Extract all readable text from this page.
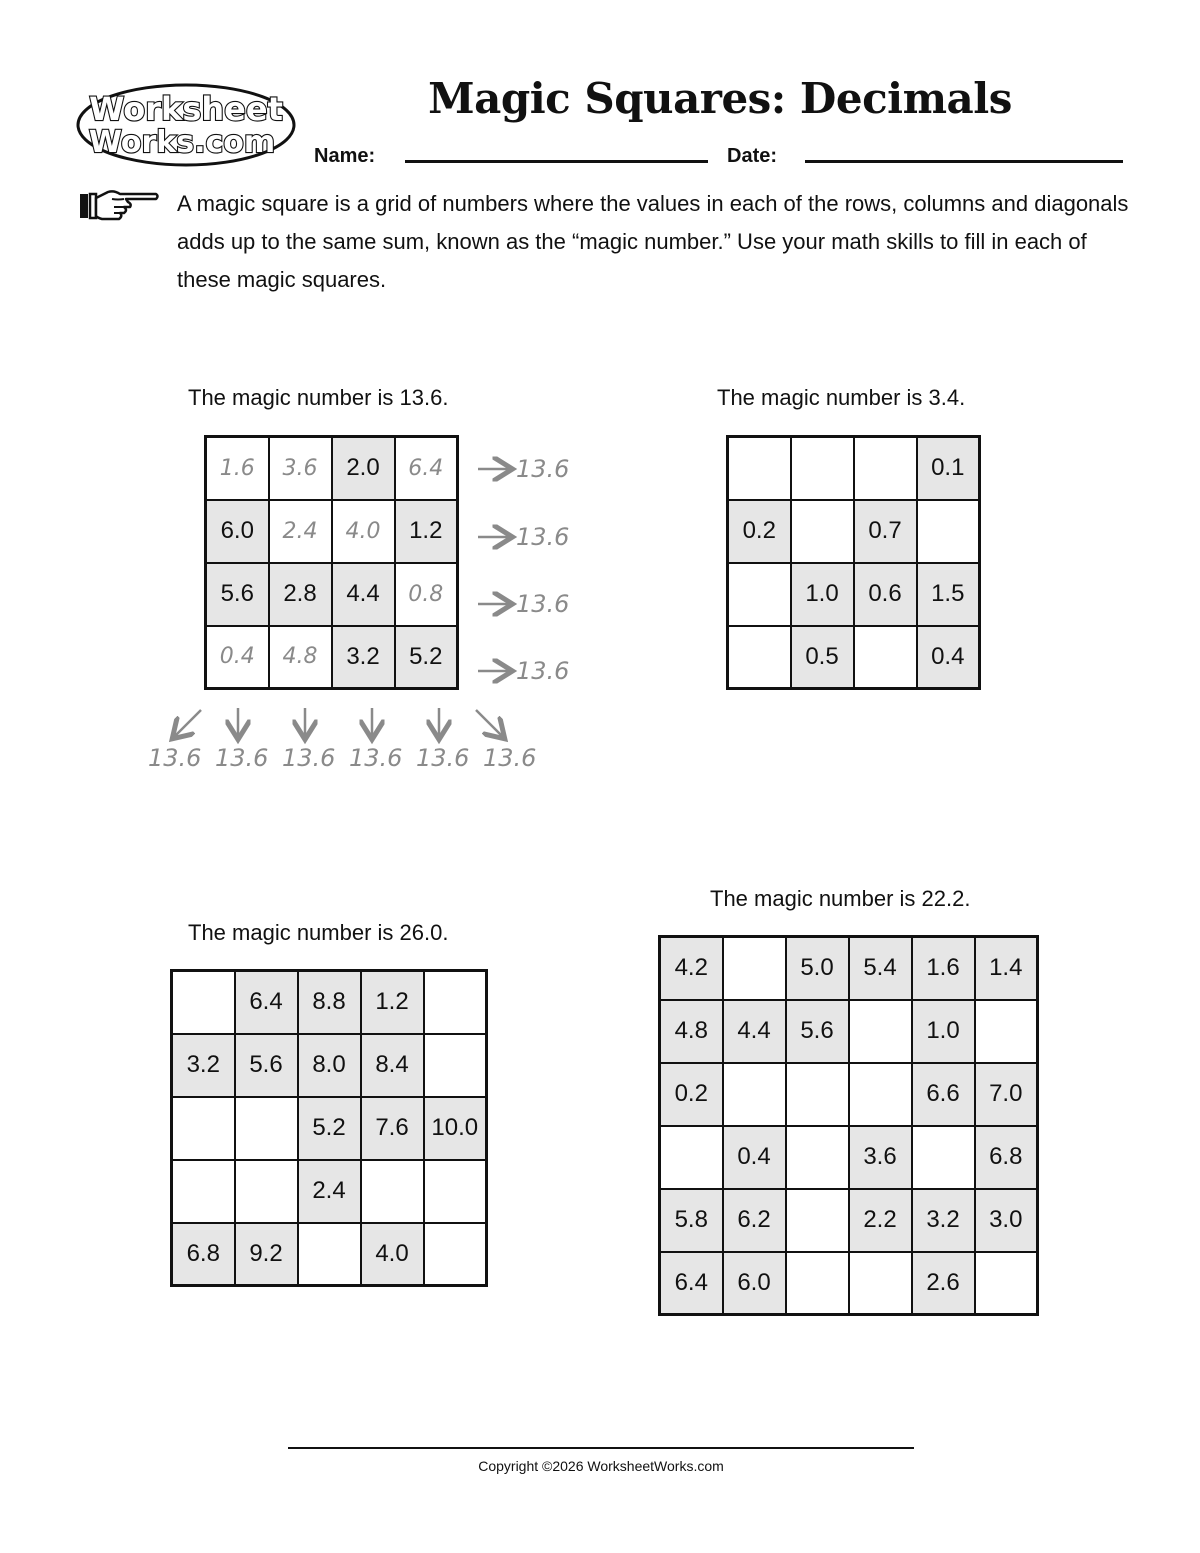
Worksheet
Works.com
Magic Squares: Decimals
Name:	Date:
A magic square is a grid of numbers where the values in each of the rows, columns and diagonals adds up to the same sum, known as the “magic number.” Use your math skills to fill in each of these magic squares.
The magic number is 13.6.	The magic number is 3.4.
The magic number is 26.0.
The magic number is 22.2.
1.6	3.6	2.0	6.4
6.0	2.4	4.0	1.2
5.6	2.8	4.4	0.8
0.4	4.8	3.2	5.2
			0.1
0.2		0.7	
	1.0	0.6	1.5
	0.5		0.4
	6.4	8.8	1.2	
3.2	5.6	8.0	8.4	
		5.2	7.6	10.0
		2.4		
6.8	9.2		4.0	
4.2		5.0	5.4	1.6	1.4
4.8	4.4	5.6		1.0	
0.2				6.6	7.0
	0.4		3.6		6.8
5.8	6.2		2.2	3.2	3.0
6.4	6.0			2.6	
13.6
13.6
13.6
13.6
13.6 13.6 13.6 13.6 13.6 13.6
Copyright ©2026 WorksheetWorks.com
